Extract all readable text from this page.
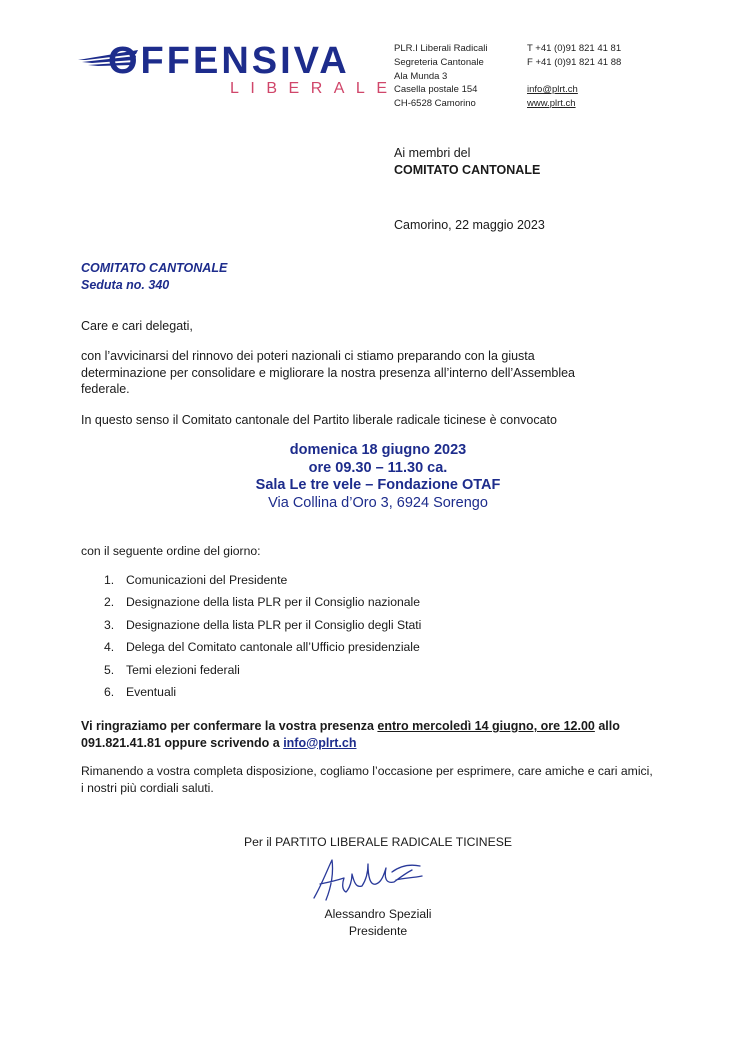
OFFENSIVA
LIBERALE
PLR.I Liberali Radicali
Segreteria Cantonale
Ala Munda 3
Casella postale 154
CH-6528 Camorino
T +41 (0)91 821 41 81
F +41 (0)91 821 41 88
info@plrt.ch
www.plrt.ch
Ai membri del
COMITATO CANTONALE
Camorino, 22 maggio 2023
COMITATO CANTONALE
Seduta no. 340
Care e cari delegati,
con l’avvicinarsi del rinnovo dei poteri nazionali ci stiamo preparando con la giusta
determinazione per consolidare e migliorare la nostra presenza all’interno dell’Assemblea
federale.
In questo senso il Comitato cantonale del Partito liberale radicale ticinese è convocato
domenica 18 giugno 2023
ore 09.30 – 11.30 ca.
Sala Le tre vele – Fondazione OTAF
Via Collina d’Oro 3, 6924 Sorengo
con il seguente ordine del giorno:
1. Comunicazioni del Presidente
2. Designazione della lista PLR per il Consiglio nazionale
3. Designazione della lista PLR per il Consiglio degli Stati
4. Delega del Comitato cantonale all’Ufficio presidenziale
5. Temi elezioni federali
6. Eventuali
Vi ringraziamo per confermare la vostra presenza entro mercoledì 14 giugno, ore 12.00 allo
091.821.41.81 oppure scrivendo a info@plrt.ch
Rimanendo a vostra completa disposizione, cogliamo l’occasione per esprimere, care amiche e cari amici,
i nostri più cordiali saluti.
Per il PARTITO LIBERALE RADICALE TICINESE
Alessandro Speziali
Presidente
